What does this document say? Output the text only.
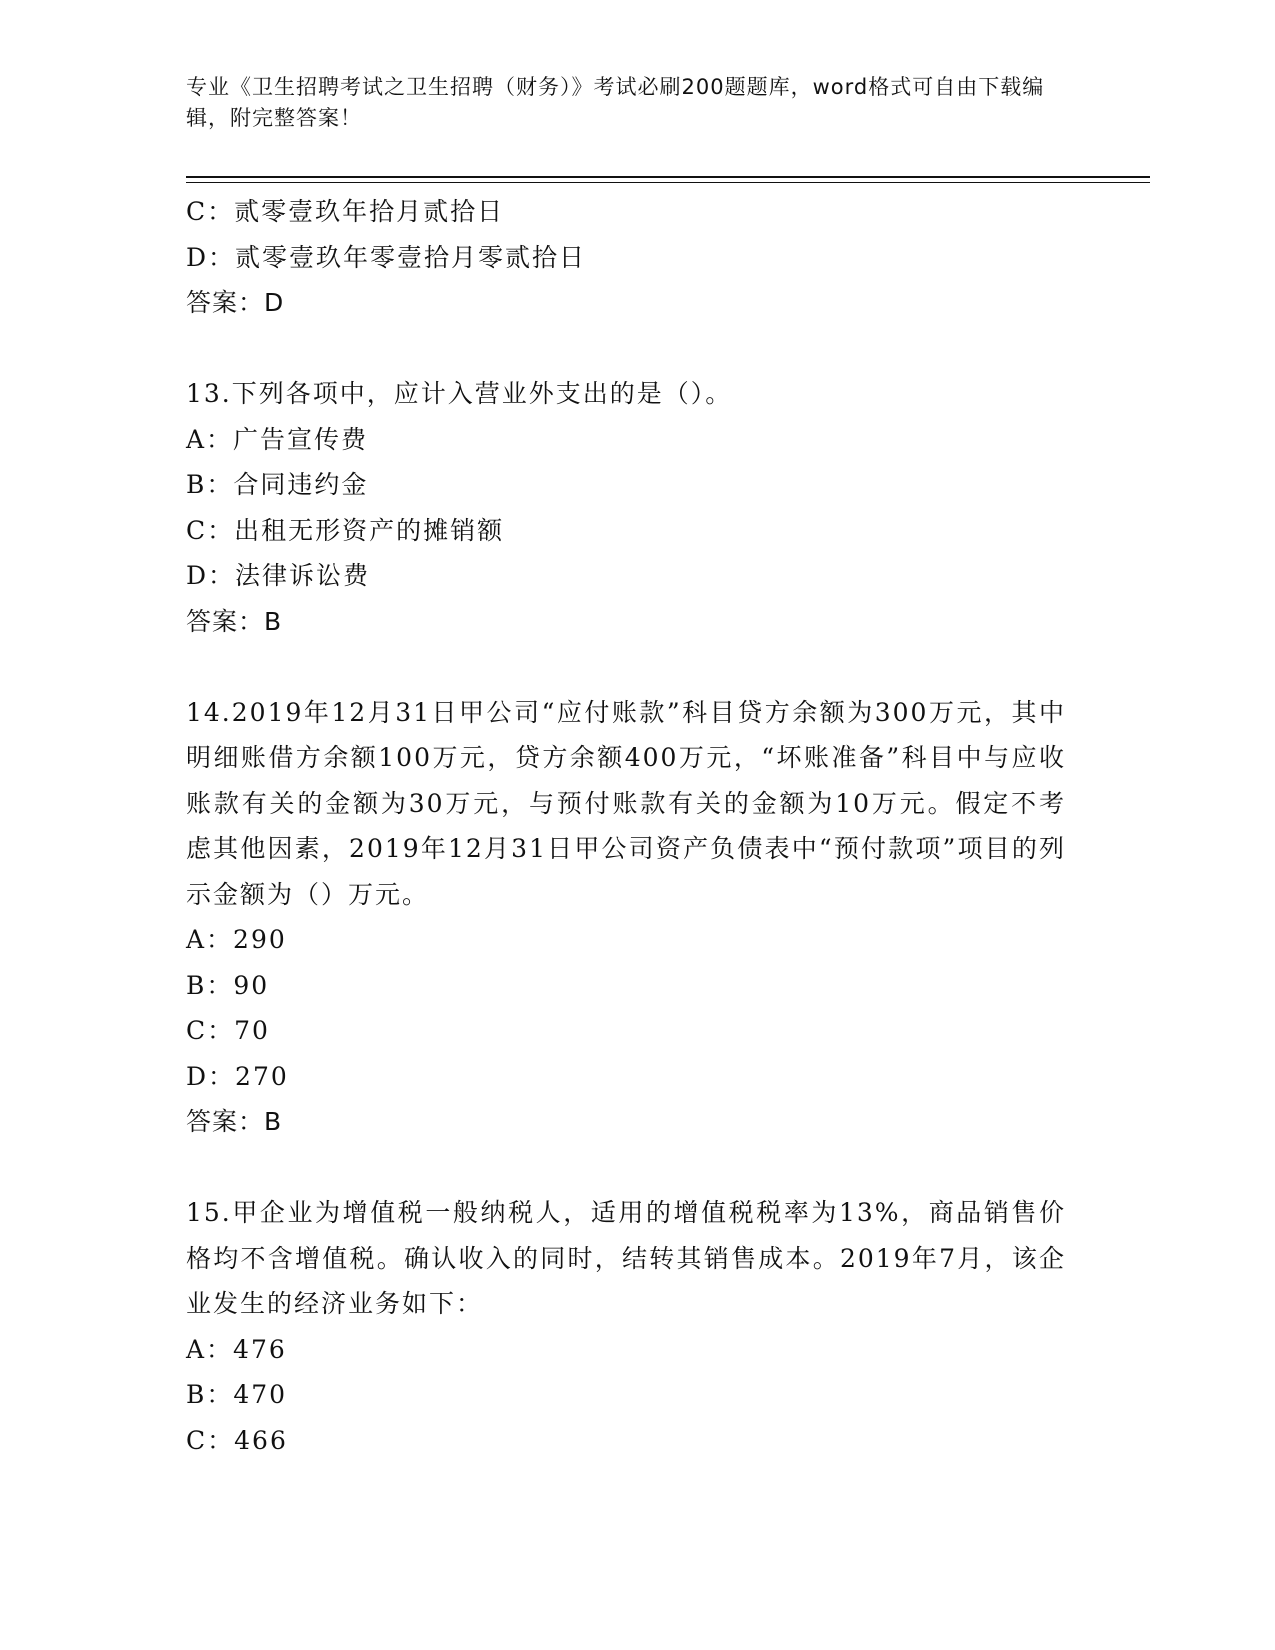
专业《卫生招聘考试之卫生招聘（财务）》考试必刷200题题库，word格式可自由下载编辑，附完整答案！
C：贰零壹玖年拾月贰拾日
D：贰零壹玖年零壹拾月零贰拾日
答案：D
13.下列各项中，应计入营业外支出的是（）。
A：广告宣传费
B：合同违约金
C：出租无形资产的摊销额
D：法律诉讼费
答案：B
14.2019年12月31日甲公司“应付账款”科目贷方余额为300万元，其中明细账借方余额100万元，贷方余额400万元，“坏账准备”科目中与应收账款有关的金额为30万元，与预付账款有关的金额为10万元。假定不考虑其他因素，2019年12月31日甲公司资产负债表中“预付款项”项目的列示金额为（）万元。
A：290
B：90
C：70
D：270
答案：B
15.甲企业为增值税一般纳税人，适用的增值税税率为13%，商品销售价格均不含增值税。确认收入的同时，结转其销售成本。2019年7月，该企业发生的经济业务如下：
A：476
B：470
C：466
